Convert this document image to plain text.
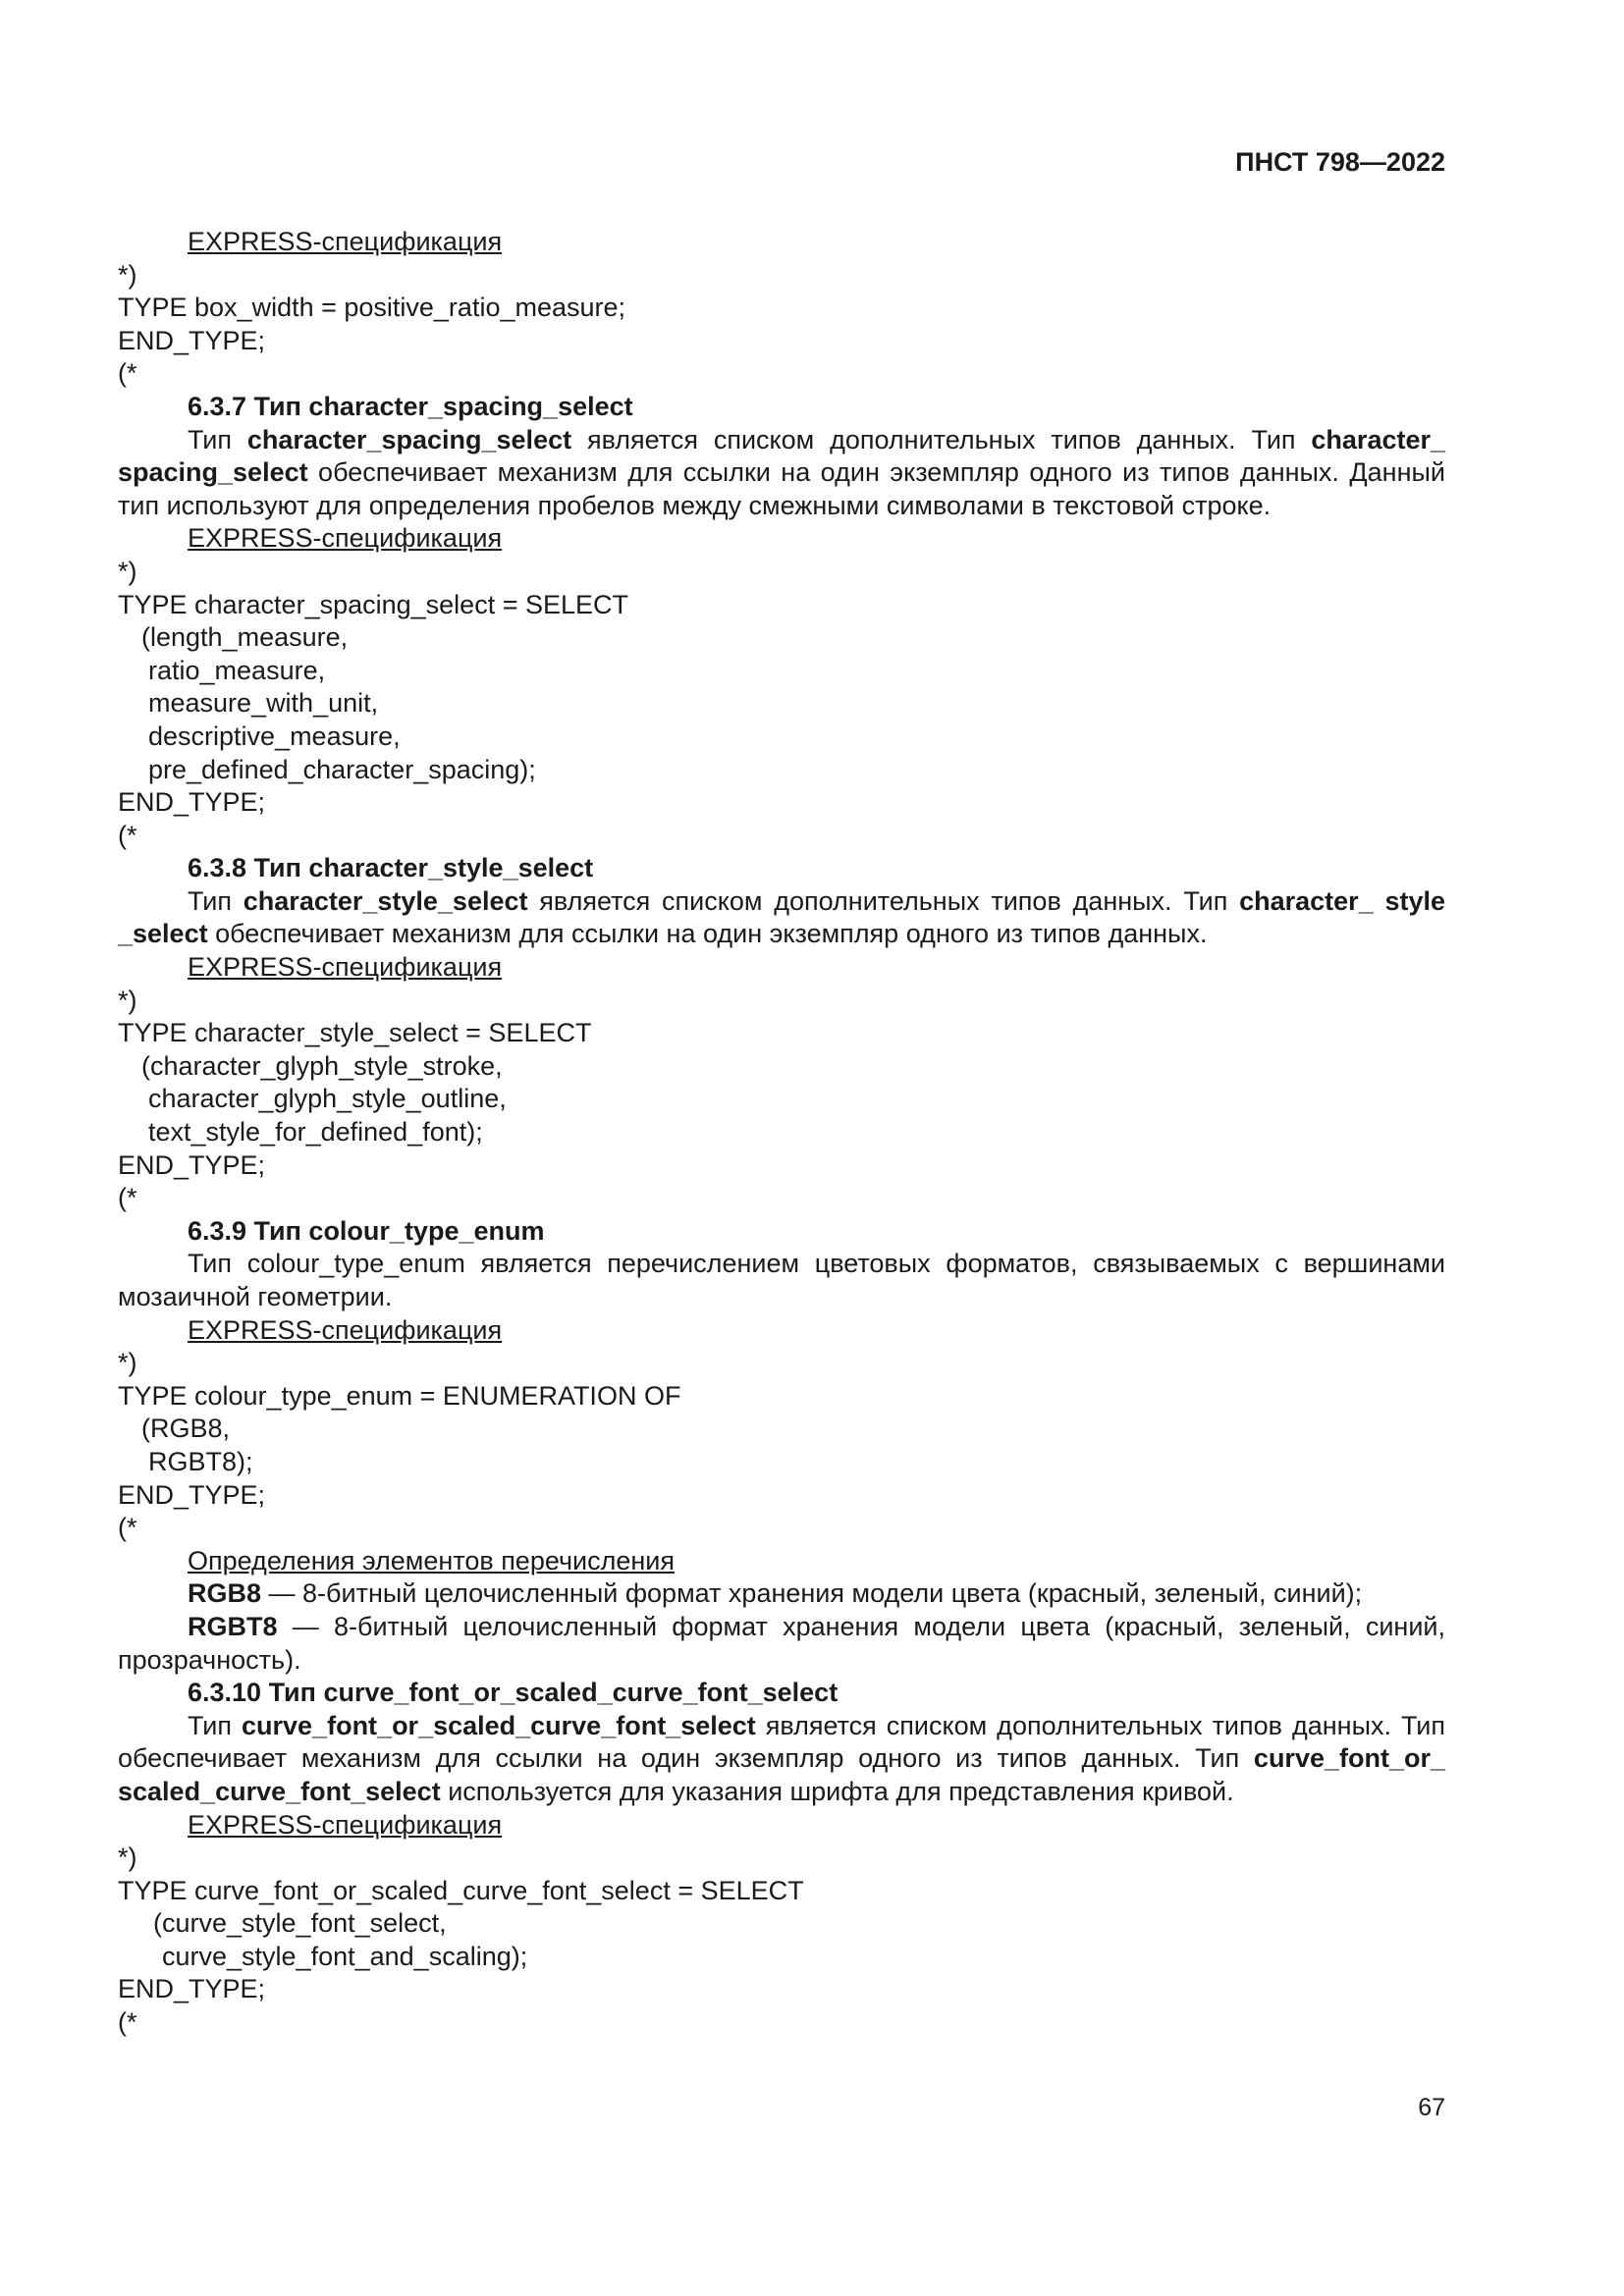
ПНСТ 798—2022
EXPRESS-спецификация
*)
TYPE box_width = positive_ratio_measure;
END_TYPE;
(*
6.3.7 Тип character_spacing_select
Тип character_spacing_select является списком дополнительных типов данных. Тип character_ spacing_select обеспечивает механизм для ссылки на один экземпляр одного из типов данных. Данный тип используют для определения пробелов между смежными символами в текстовой строке.
EXPRESS-спецификация
*)
TYPE character_spacing_select = SELECT
(length_measure,
ratio_measure,
measure_with_unit,
descriptive_measure,
pre_defined_character_spacing);
END_TYPE;
(*
6.3.8 Тип character_style_select
Тип character_style_select является списком дополнительных типов данных. Тип character_ style _select обеспечивает механизм для ссылки на один экземпляр одного из типов данных.
EXPRESS-спецификация
*)
TYPE character_style_select = SELECT
(character_glyph_style_stroke,
character_glyph_style_outline,
text_style_for_defined_font);
END_TYPE;
(*
6.3.9 Тип colour_type_enum
Тип colour_type_enum является перечислением цветовых форматов, связываемых с вершинами мозаичной геометрии.
EXPRESS-спецификация
*)
TYPE colour_type_enum = ENUMERATION OF
(RGB8,
RGBT8);
END_TYPE;
(*
Определения элементов перечисления
RGB8 — 8-битный целочисленный формат хранения модели цвета (красный, зеленый, синий);
RGBT8 — 8-битный целочисленный формат хранения модели цвета (красный, зеленый, синий, прозрачность).
6.3.10 Тип curve_font_or_scaled_curve_font_select
Тип curve_font_or_scaled_curve_font_select является списком дополнительных типов данных. Тип обеспечивает механизм для ссылки на один экземпляр одного из типов данных. Тип curve_font_or_ scaled_curve_font_select используется для указания шрифта для представления кривой.
EXPRESS-спецификация
*)
TYPE curve_font_or_scaled_curve_font_select = SELECT
(curve_style_font_select,
curve_style_font_and_scaling);
END_TYPE;
(*
67
